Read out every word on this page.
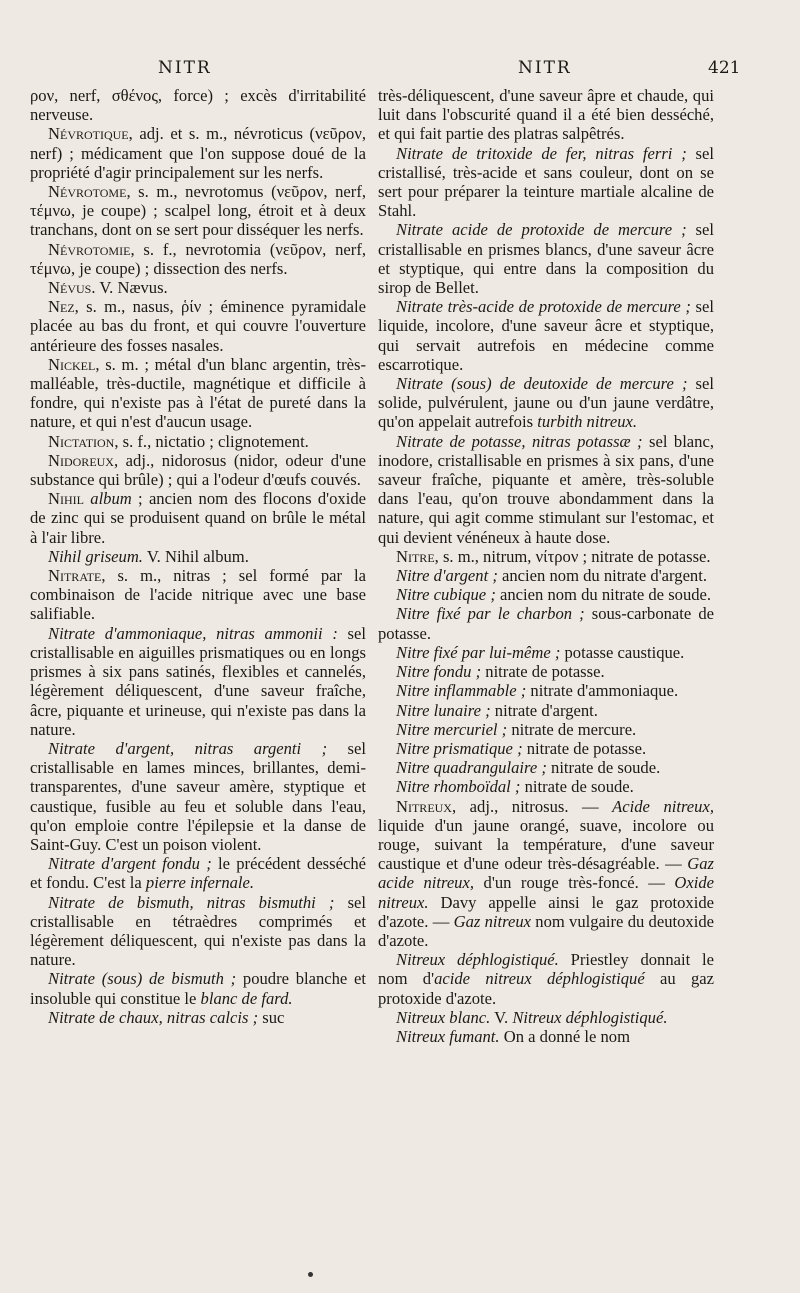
NITR	NITR	421

ρον, nerf, σθένος, force) ; excès d'irritabilité nerveuse.

Névrotique, adj. et s. m., névroticus (νεῦρον, nerf) ; médicament que l'on suppose doué de la propriété d'agir principalement sur les nerfs.

Névrotome, s. m., nevrotomus (νεῦρον, nerf, τέμνω, je coupe) ; scalpel long, étroit et à deux tranchans, dont on se sert pour disséquer les nerfs.

Névrotomie, s. f., nevrotomia (νεῦρον, nerf, τέμνω, je coupe) ; dissection des nerfs.

Névus. V. Nævus.

Nez, s. m., nasus, ῥίν ; éminence pyramidale placée au bas du front, et qui couvre l'ouverture antérieure des fosses nasales.

Nickel, s. m. ; métal d'un blanc argentin, très-malléable, très-ductile, magnétique et difficile à fondre, qui n'existe pas à l'état de pureté dans la nature, et qui n'est d'aucun usage.

Nictation, s. f., nictatio ; clignotement.

Nidoreux, adj., nidorosus (nidor, odeur d'une substance qui brûle) ; qui a l'odeur d'œufs couvés.

Nihil album ; ancien nom des flocons d'oxide de zinc qui se produisent quand on brûle le métal à l'air libre.

Nihil griseum. V. Nihil album.

Nitrate, s. m., nitras ; sel formé par la combinaison de l'acide nitrique avec une base salifiable.

Nitrate d'ammoniaque, nitras ammonii : sel cristallisable en aiguilles prismatiques ou en longs prismes à six pans satinés, flexibles et cannelés, légèrement déliquescent, d'une saveur fraîche, âcre, piquante et urineuse, qui n'existe pas dans la nature.

Nitrate d'argent, nitras argenti ; sel cristallisable en lames minces, brillantes, demi-transparentes, d'une saveur amère, styptique et caustique, fusible au feu et soluble dans l'eau, qu'on emploie contre l'épilepsie et la danse de Saint-Guy. C'est un poison violent.

Nitrate d'argent fondu ; le précédent desséché et fondu. C'est la pierre infernale.

Nitrate de bismuth, nitras bismuthi ; sel cristallisable en tétraèdres comprimés et légèrement déliquescent, qui n'existe pas dans la nature.

Nitrate (sous) de bismuth ; poudre blanche et insoluble qui constitue le blanc de fard.

Nitrate de chaux, nitras calcis ; suc

très-déliquescent, d'une saveur âpre et chaude, qui luit dans l'obscurité quand il a été bien desséché, et qui fait partie des platras salpêtrés.

Nitrate de tritoxide de fer, nitras ferri ; sel cristallisé, très-acide et sans couleur, dont on se sert pour préparer la teinture martiale alcaline de Stahl.

Nitrate acide de protoxide de mercure ; sel cristallisable en prismes blancs, d'une saveur âcre et styptique, qui entre dans la composition du sirop de Bellet.

Nitrate très-acide de protoxide de mercure ; sel liquide, incolore, d'une saveur âcre et styptique, qui servait autrefois en médecine comme escarrotique.

Nitrate (sous) de deutoxide de mercure ; sel solide, pulvérulent, jaune ou d'un jaune verdâtre, qu'on appelait autrefois turbith nitreux.

Nitrate de potasse, nitras potassæ ; sel blanc, inodore, cristallisable en prismes à six pans, d'une saveur fraîche, piquante et amère, très-soluble dans l'eau, qu'on trouve abondamment dans la nature, qui agit comme stimulant sur l'estomac, et qui devient vénéneux à haute dose.

Nitre, s. m., nitrum, νίτρον ; nitrate de potasse.

Nitre d'argent ; ancien nom du nitrate d'argent.

Nitre cubique ; ancien nom du nitrate de soude.

Nitre fixé par le charbon ; sous-carbonate de potasse.

Nitre fixé par lui-même ; potasse caustique.

Nitre fondu ; nitrate de potasse.

Nitre inflammable ; nitrate d'ammoniaque.

Nitre lunaire ; nitrate d'argent.

Nitre mercuriel ; nitrate de mercure.

Nitre prismatique ; nitrate de potasse.

Nitre quadrangulaire ; nitrate de soude.

Nitre rhomboïdal ; nitrate de soude.

Nitreux, adj., nitrosus. — Acide nitreux, liquide d'un jaune orangé, suave, incolore ou rouge, suivant la température, d'une saveur caustique et d'une odeur très-désagréable. — Gaz acide nitreux, d'un rouge très-foncé. — Oxide nitreux. Davy appelle ainsi le gaz protoxide d'azote. — Gaz nitreux nom vulgaire du deutoxide d'azote.

Nitreux déphlogistiqué. Priestley donnait le nom d'acide nitreux déphlogistiqué au gaz protoxide d'azote.

Nitreux blanc. V. Nitreux déphlogistiqué.

Nitreux fumant. On a donné le nom
